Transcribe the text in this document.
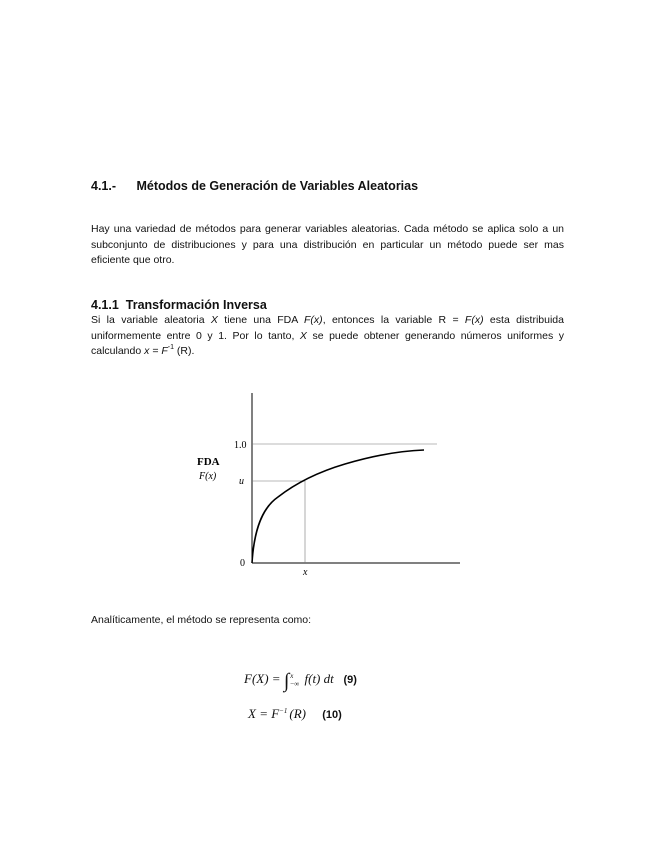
4.1.- Métodos de Generación de Variables Aleatorias
Hay una variedad de métodos para generar variables aleatorias. Cada método se aplica solo a un subconjunto de distribuciones y para una distribución en particular un método puede ser mas eficiente que otro.
4.1.1 Transformación Inversa
Si la variable aleatoria X tiene una FDA F(x), entonces la variable R = F(x) esta distribuida uniformemente entre 0 y 1. Por lo tanto, X se puede obtener generando números uniformes y calculando $x = F^{-1}$ (R).
FDA
F(x)
1.0
u
0
x
Analíticamente, el método se representa como:
F(X) = ∫ x
−∞ f(t) dt (9)
$X = F^{-1}$ (R) (10)
